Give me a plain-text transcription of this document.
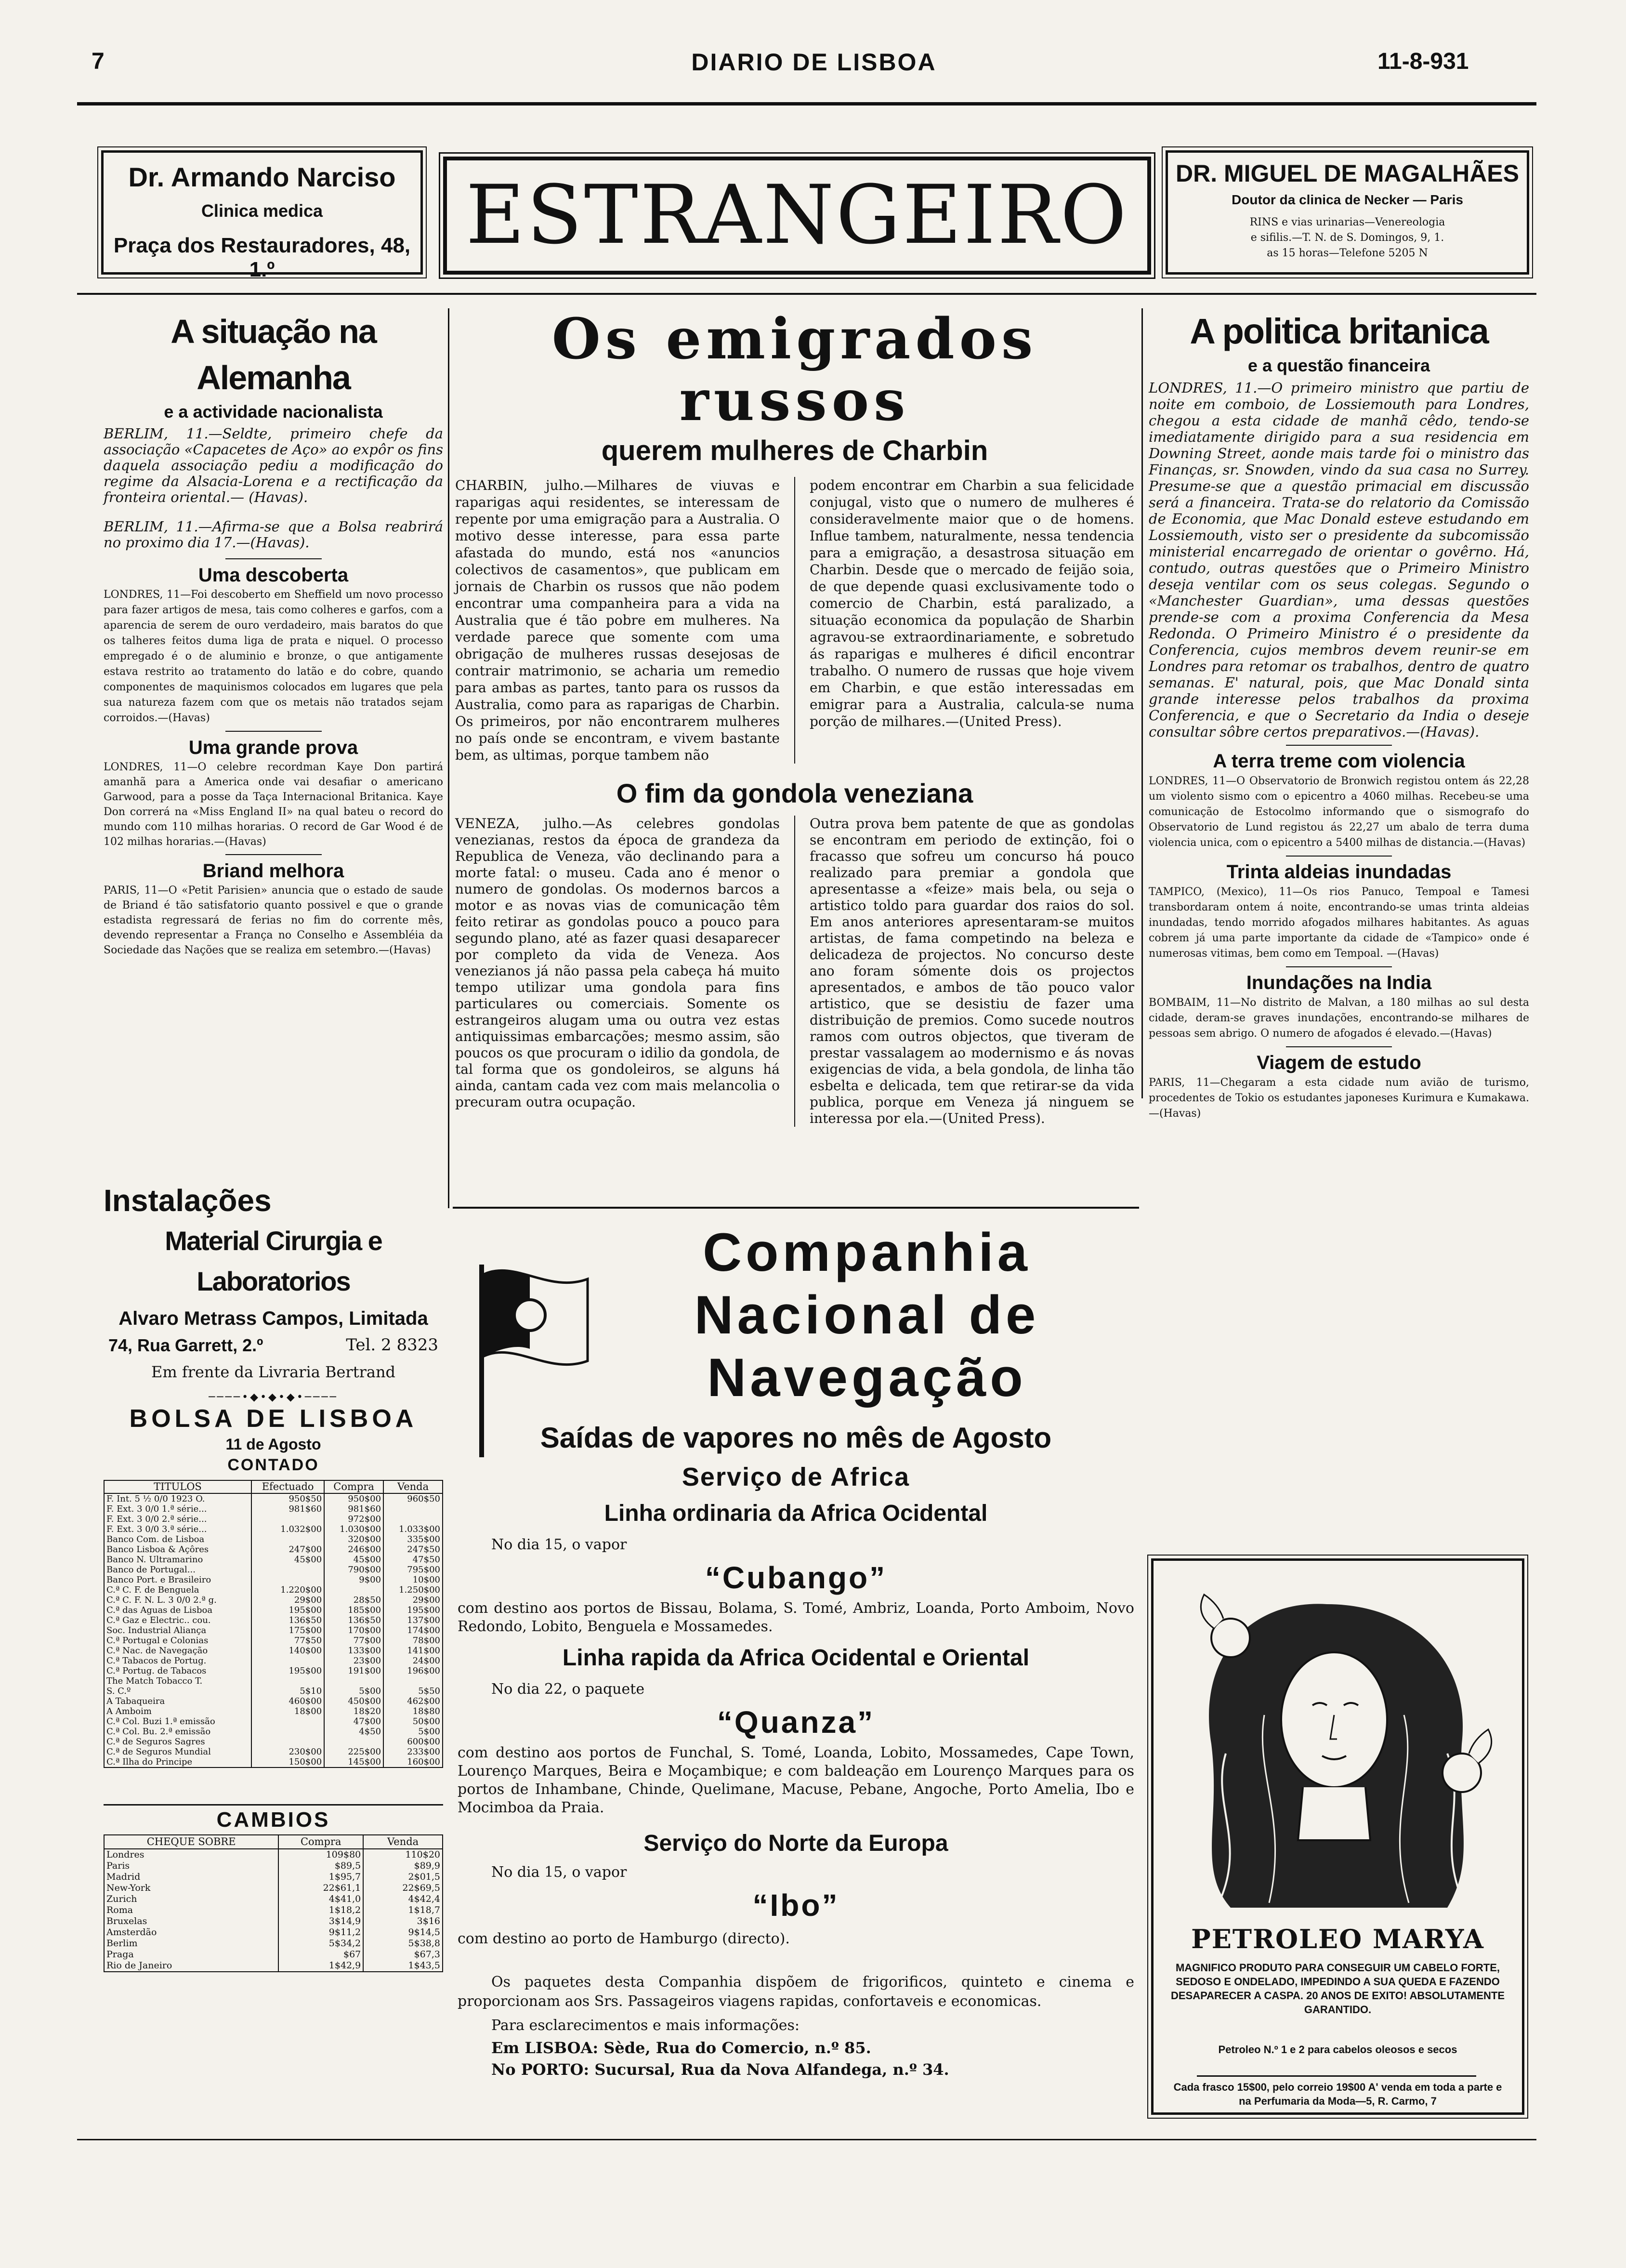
7	DIARIO DE LISBOA	11-8-931
Dr. Armando Narciso
Clinica medica
Praça dos Restauradores, 48, 1.º
ESTRANGEIRO	DR. MIGUEL DE MAGALHÃES
Doutor da clinica de Necker — Paris
RINS e vias urinarias—Venereologia
e sifilis.—T. N. de S. Domingos, 9, 1.
as 15 horas—Telefone 5205 N
A situação na Alemanha
e a actividade nacionalista

BERLIM, 11.—Seldte, primeiro chefe da associação «Capacetes de Aço» ao expôr os fins daquela associação pediu a modificação do regime da Alsacia-Lorena e a rectificação da fronteira oriental.— (Havas).

BERLIM, 11.—Afirma-se que a Bolsa reabrirá no proximo dia 17.—(Havas).

Uma descoberta

LONDRES, 11—Foi descoberto em Sheffield um novo processo para fazer artigos de mesa, tais como colheres e garfos, com a aparencia de serem de ouro verdadeiro, mais baratos do que os talheres feitos duma liga de prata e niquel. O processo empregado é o de aluminio e bronze, o que antigamente estava restrito ao tratamento do latão e do cobre, quando componentes de maquinismos colocados em lugares que pela sua natureza fazem com que os metais não tratados sejam corroidos.—(Havas)

Uma grande prova

LONDRES, 11—O celebre recordman Kaye Don partirá amanhã para a America onde vai desafiar o americano Garwood, para a posse da Taça Internacional Britanica. Kaye Don correrá na «Miss England II» na qual bateu o record do mundo com 110 milhas horarias. O record de Gar Wood é de 102 milhas horarias.—(Havas)

Briand melhora

PARIS, 11—O «Petit Parisien» anuncia que o estado de saude de Briand é tão satisfatorio quanto possivel e que o grande estadista regressará de ferias no fim do corrente mês, devendo representar a França no Conselho e Assembléia da Sociedade das Nações que se realiza em setembro.—(Havas)

Instalações
Material Cirurgia e Laboratorios
Alvaro Metrass Campos, Limitada
74, Rua Garrett, 2.º	Tel. 2 8323
Em frente da Livraria Bertrand
────•◆•◆•◆•────
BOLSA DE LISBOA
11 de Agosto
CONTADO
TITULOS	Efectuado	Compra	Venda
F. Int. 5 ½ 0/0 1923 O.	950$50	950$00	960$50
F. Ext. 3 0/0 1.ª série...	981$60	981$60	
F. Ext. 3 0/0 2.ª série...		972$00	
F. Ext. 3 0/0 3.ª série...	1.032$00	1.030$00	1.033$00
Banco Com. de Lisboa		320$00	335$00
Banco Lisboa & Açôres	247$00	246$00	247$50
Banco N. Ultramarino	45$00	45$00	47$50
Banco de Portugal...		790$00	795$00
Banco Port. e Brasileiro		9$00	10$00
C.ª C. F. de Benguela	1.220$00		1.250$00
C.ª C. F. N. L. 3 0/0 2.ª g.	29$00	28$50	29$00
C.ª das Aguas de Lisboa	195$00	185$00	195$00
C.ª Gaz e Electric.. cou.	136$50	136$50	137$00
Soc. Industrial Aliança	175$00	170$00	174$00
C.ª Portugal e Colonias	77$50	77$00	78$00
C.ª Nac. de Navegação	140$00	133$00	141$00
C.ª Tabacos de Portug.		23$00	24$00
C.ª Portug. de Tabacos	195$00	191$00	196$00
The Match Tobacco T.			
S. C.º	5$10	5$00	5$50
A Tabaqueira	460$00	450$00	462$00
A Amboim	18$00	18$20	18$80
C.ª Col. Buzi 1.ª emissão		47$00	50$00
C.ª Col. Bu. 2.ª emissão		4$50	5$00
C.ª de Seguros Sagres			600$00
C.ª de Seguros Mundial	230$00	225$00	233$00
C.ª Ilha do Principe	150$00	145$00	160$00
CAMBIOS
CHEQUE SOBRE	Compra	Venda
Londres	109$80	110$20
Paris	$89,5	$89,9
Madrid	1$95,7	2$01,5
New-York	22$61,1	22$69,5
Zurich	4$41,0	4$42,4
Roma	1$18,2	1$18,7
Bruxelas	3$14,9	3$16
Amsterdão	9$11,2	9$14,5
Berlim	5$34,2	5$38,8
Praga	$67	$67,3
Rio de Janeiro	1$42,9	1$43,5
Os emigrados russos
querem mulheres de Charbin

CHARBIN, julho.—Milhares de viuvas e raparigas aqui residentes, se interessam de repente por uma emigração para a Australia. O motivo desse interesse, para essa parte afastada do mundo, está nos «anuncios colectivos de casamentos», que publicam em jornais de Charbin os russos que não podem encontrar uma companheira para a vida na Australia que é tão pobre em mulheres. Na verdade parece que somente com uma obrigação de mulheres russas desejosas de contrair matrimonio, se acharia um remedio para ambas as partes, tanto para os russos da Australia, como para as raparigas de Charbin. Os primeiros, por não encontrarem mulheres no país onde se encontram, e vivem bastante bem, as ultimas, porque tambem não

podem encontrar em Charbin a sua felicidade conjugal, visto que o numero de mulheres é consideravelmente maior que o de homens. Influe tambem, naturalmente, nessa tendencia para a emigração, a desastrosa situação em Charbin. Desde que o mercado de feijão soia, de que depende quasi exclusivamente todo o comercio de Charbin, está paralizado, a situação economica da população de Sharbin agravou-se extraordinariamente, e sobretudo ás raparigas e mulheres é dificil encontrar trabalho. O numero de russas que hoje vivem em Charbin, e que estão interessadas em emigrar para a Australia, calcula-se numa porção de milhares.—(United Press).

O fim da gondola veneziana

VENEZA, julho.—As celebres gondolas venezianas, restos da época de grandeza da Republica de Veneza, vão declinando para a morte fatal: o museu. Cada ano é menor o numero de gondolas. Os modernos barcos a motor e as novas vias de comunicação têm feito retirar as gondolas pouco a pouco para segundo plano, até as fazer quasi desaparecer por completo da vida de Veneza. Aos venezianos já não passa pela cabeça há muito tempo utilizar uma gondola para fins particulares ou comerciais. Somente os estrangeiros alugam uma ou outra vez estas antiquissimas embarcações; mesmo assim, são poucos os que procuram o idilio da gondola, de tal forma que os gondoleiros, se alguns há ainda, cantam cada vez com mais melancolia o precuram outra ocupação.

Outra prova bem patente de que as gondolas se encontram em periodo de extinção, foi o fracasso que sofreu um concurso há pouco realizado para premiar a gondola que apresentasse a «feize» mais bela, ou seja o artistico toldo para guardar dos raios do sol. Em anos anteriores apresentaram-se muitos artistas, de fama competindo na beleza e delicadeza de projectos. No concurso deste ano foram sómente dois os projectos apresentados, e ambos de tão pouco valor artistico, que se desistiu de fazer uma distribuição de premios. Como sucede noutros ramos com outros objectos, que tiveram de prestar vassalagem ao modernismo e ás novas exigencias de vida, a bela gondola, de linha tão esbelta e delicada, tem que retirar-se da vida publica, porque em Veneza já ninguem se interessa por ela.—(United Press).

Companhia
Nacional de
Navegação
Saídas de vapores no mês de Agosto
Serviço de Africa
Linha ordinaria da Africa Ocidental
No dia 15, o vapor
“Cubango”
com destino aos portos de Bissau, Bolama, S. Tomé, Ambriz, Loanda, Porto Amboim, Novo Redondo, Lobito, Benguela e Mossamedes.
Linha rapida da Africa Ocidental e Oriental
No dia 22, o paquete
“Quanza”
com destino aos portos de Funchal, S. Tomé, Loanda, Lobito, Mossamedes, Cape Town, Lourenço Marques, Beira e Moçambique; e com baldeação em Lourenço Marques para os portos de Inhambane, Chinde, Quelimane, Macuse, Pebane, Angoche, Porto Amelia, Ibo e Mocimboa da Praia.
Serviço do Norte da Europa
No dia 15, o vapor
“Ibo”
com destino ao porto de Hamburgo (directo).
Os paquetes desta Companhia dispõem de frigorificos, quinteto e cinema e proporcionam aos Srs. Passageiros viagens rapidas, confortaveis e economicas.
Para esclarecimentos e mais informações:
Em LISBOA: Sède, Rua do Comercio, n.º 85.
No PORTO: Sucursal, Rua da Nova Alfandega, n.º 34.
A politica britanica
e a questão financeira

LONDRES, 11.—O primeiro ministro que partiu de noite em comboio, de Lossiemouth para Londres, chegou a esta cidade de manhã cêdo, tendo-se imediatamente dirigido para a sua residencia em Downing Street, aonde mais tarde foi o ministro das Finanças, sr. Snowden, vindo da sua casa no Surrey. Presume-se que a questão primacial em discussão será a financeira. Trata-se do relatorio da Comissão de Economia, que Mac Donald esteve estudando em Lossiemouth, visto ser o presidente da subcomissão ministerial encarregado de orientar o govêrno. Há, contudo, outras questões que o Primeiro Ministro deseja ventilar com os seus colegas. Segundo o «Manchester Guardian», uma dessas questões prende-se com a proxima Conferencia da Mesa Redonda. O Primeiro Ministro é o presidente da Conferencia, cujos membros devem reunir-se em Londres para retomar os trabalhos, dentro de quatro semanas. E' natural, pois, que Mac Donald sinta grande interesse pelos trabalhos da proxima Conferencia, e que o Secretario da India o deseje consultar sôbre certos preparativos.—(Havas).

A terra treme com violencia

LONDRES, 11—O Observatorio de Bronwich registou ontem ás 22,28 um violento sismo com o epicentro a 4060 milhas. Recebeu-se uma comunicação de Estocolmo informando que o sismografo do Observatorio de Lund registou ás 22,27 um abalo de terra duma violencia unica, com o epicentro a 5400 milhas de distancia.—(Havas)

Trinta aldeias inundadas

TAMPICO, (Mexico), 11—Os rios Panuco, Tempoal e Tamesi transbordaram ontem á noite, encontrando-se umas trinta aldeias inundadas, tendo morrido afogados milhares habitantes. As aguas cobrem já uma parte importante da cidade de «Tampico» onde é numerosas vitimas, bem como em Tempoal. —(Havas)

Inundações na India

BOMBAIM, 11—No distrito de Malvan, a 180 milhas ao sul desta cidade, deram-se graves inundações, encontrando-se milhares de pessoas sem abrigo. O numero de afogados é elevado.—(Havas)

Viagem de estudo

PARIS, 11—Chegaram a esta cidade num avião de turismo, procedentes de Tokio os estudantes japoneses Kurimura e Kumakawa. —(Havas)

PETROLEO MARYA
MAGNIFICO PRODUTO PARA CONSEGUIR UM CABELO FORTE, SEDOSO E ONDELADO, IMPEDINDO A SUA QUEDA E FAZENDO DESAPARECER A CASPA. 20 ANOS DE EXITO! ABSOLUTAMENTE GARANTIDO.
Petroleo N.º 1 e 2 para cabelos oleosos e secos
Cada frasco 15$00, pelo correio 19$00 A' venda em toda a parte e na Perfumaria da Moda—5, R. Carmo, 7
